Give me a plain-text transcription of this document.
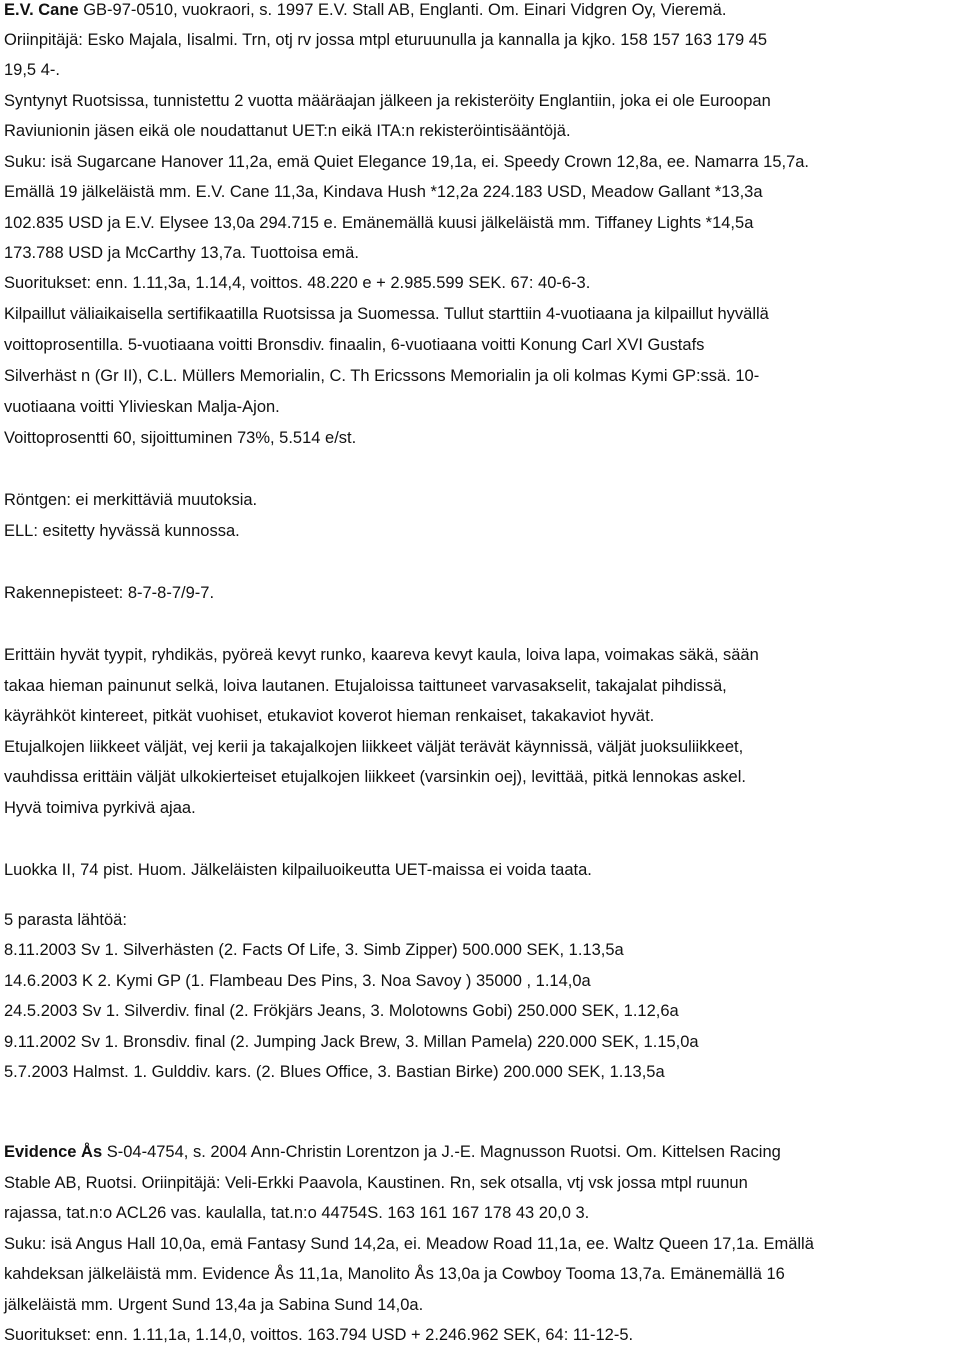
E.V. Cane GB-97-0510, vuokraori, s. 1997 E.V. Stall AB, Englanti. Om. Einari Vidgren Oy, Vieremä.
Oriinpitäjä: Esko Majala, Iisalmi. Trn, otj rv jossa mtpl eturuunulla ja kannalla ja kjko. 158 157 163 179 45
19,5 4-.
Syntynyt Ruotsissa, tunnistettu 2 vuotta määräajan jälkeen ja rekisteröity Englantiin, joka ei ole Euroopan
Raviunionin jäsen eikä ole noudattanut UET:n eikä ITA:n rekisteröintisääntöjä.
Suku: isä Sugarcane Hanover 11,2a, emä Quiet Elegance 19,1a, ei. Speedy Crown 12,8a, ee. Namarra 15,7a.
Emällä 19 jälkeläistä mm. E.V. Cane 11,3a, Kindava Hush *12,2a 224.183 USD, Meadow Gallant *13,3a
102.835 USD ja E.V. Elysee 13,0a 294.715 e. Emänemällä kuusi jälkeläistä mm. Tiffaney Lights *14,5a
173.788 USD ja McCarthy 13,7a. Tuottoisa emä.
Suoritukset: enn. 1.11,3a, 1.14,4, voittos. 48.220 e + 2.985.599 SEK. 67: 40-6-3.
Kilpaillut väliaikaisella sertifikaatilla Ruotsissa ja Suomessa. Tullut starttiin 4-vuotiaana ja kilpaillut hyvällä
voittoprosentilla. 5-vuotiaana voitti Bronsdiv. finaalin, 6-vuotiaana voitti Konung Carl XVI Gustafs
Silverhäst n (Gr II), C.L. Müllers Memorialin, C. Th Ericssons Memorialin ja oli kolmas Kymi GP:ssä. 10-
vuotiaana voitti Ylivieskan Malja-Ajon.
Voittoprosentti 60, sijoittuminen 73%, 5.514 e/st.
Röntgen: ei merkittäviä muutoksia.
ELL: esitetty hyvässä kunnossa.
Rakennepisteet: 8-7-8-7/9-7.
Erittäin hyvät tyypit, ryhdikäs, pyöreä kevyt runko, kaareva kevyt kaula, loiva lapa, voimakas säkä, sään
takaa hieman painunut selkä, loiva lautanen. Etujaloissa taittuneet varvasakselit, takajalat pihdissä,
käyrähköt kintereet, pitkät vuohiset, etukaviot koverot hieman renkaiset, takakaviot hyvät.
Etujalkojen liikkeet väljät, vej kerii ja takajalkojen liikkeet väljät terävät käynnissä, väljät juoksuliikkeet,
vauhdissa erittäin väljät ulkokierteiset etujalkojen liikkeet (varsinkin oej), levittää, pitkä lennokas askel.
Hyvä toimiva pyrkivä ajaa.
Luokka II, 74 pist. Huom. Jälkeläisten kilpailuoikeutta UET-maissa ei voida taata.
5 parasta lähtöä:
8.11.2003 Sv 1. Silverhästen (2. Facts Of Life, 3. Simb Zipper) 500.000 SEK, 1.13,5a
14.6.2003 K 2. Kymi GP (1. Flambeau Des Pins, 3. Noa Savoy ) 35000 , 1.14,0a
24.5.2003 Sv 1. Silverdiv. final (2. Frökjärs Jeans, 3. Molotowns Gobi) 250.000 SEK, 1.12,6a
9.11.2002 Sv 1. Bronsdiv. final (2. Jumping Jack Brew, 3. Millan Pamela) 220.000 SEK, 1.15,0a
5.7.2003 Halmst. 1. Gulddiv. kars. (2. Blues Office, 3. Bastian Birke) 200.000 SEK, 1.13,5a
Evidence Ås S-04-4754, s. 2004 Ann-Christin Lorentzon ja J.-E. Magnusson Ruotsi. Om. Kittelsen Racing
Stable AB, Ruotsi. Oriinpitäjä: Veli-Erkki Paavola, Kaustinen. Rn, sek otsalla, vtj vsk jossa mtpl ruunun
rajassa, tat.n:o ACL26 vas. kaulalla, tat.n:o 44754S. 163 161 167 178 43 20,0 3.
Suku: isä Angus Hall 10,0a, emä Fantasy Sund 14,2a, ei. Meadow Road 11,1a, ee. Waltz Queen 17,1a. Emällä
kahdeksan jälkeläistä mm. Evidence Ås 11,1a, Manolito Ås 13,0a ja Cowboy Tooma 13,7a. Emänemällä 16
jälkeläistä mm. Urgent Sund 13,4a ja Sabina Sund 14,0a.
Suoritukset: enn. 1.11,1a, 1.14,0, voittos. 163.794 USD + 2.246.962 SEK, 64: 11-12-5.
